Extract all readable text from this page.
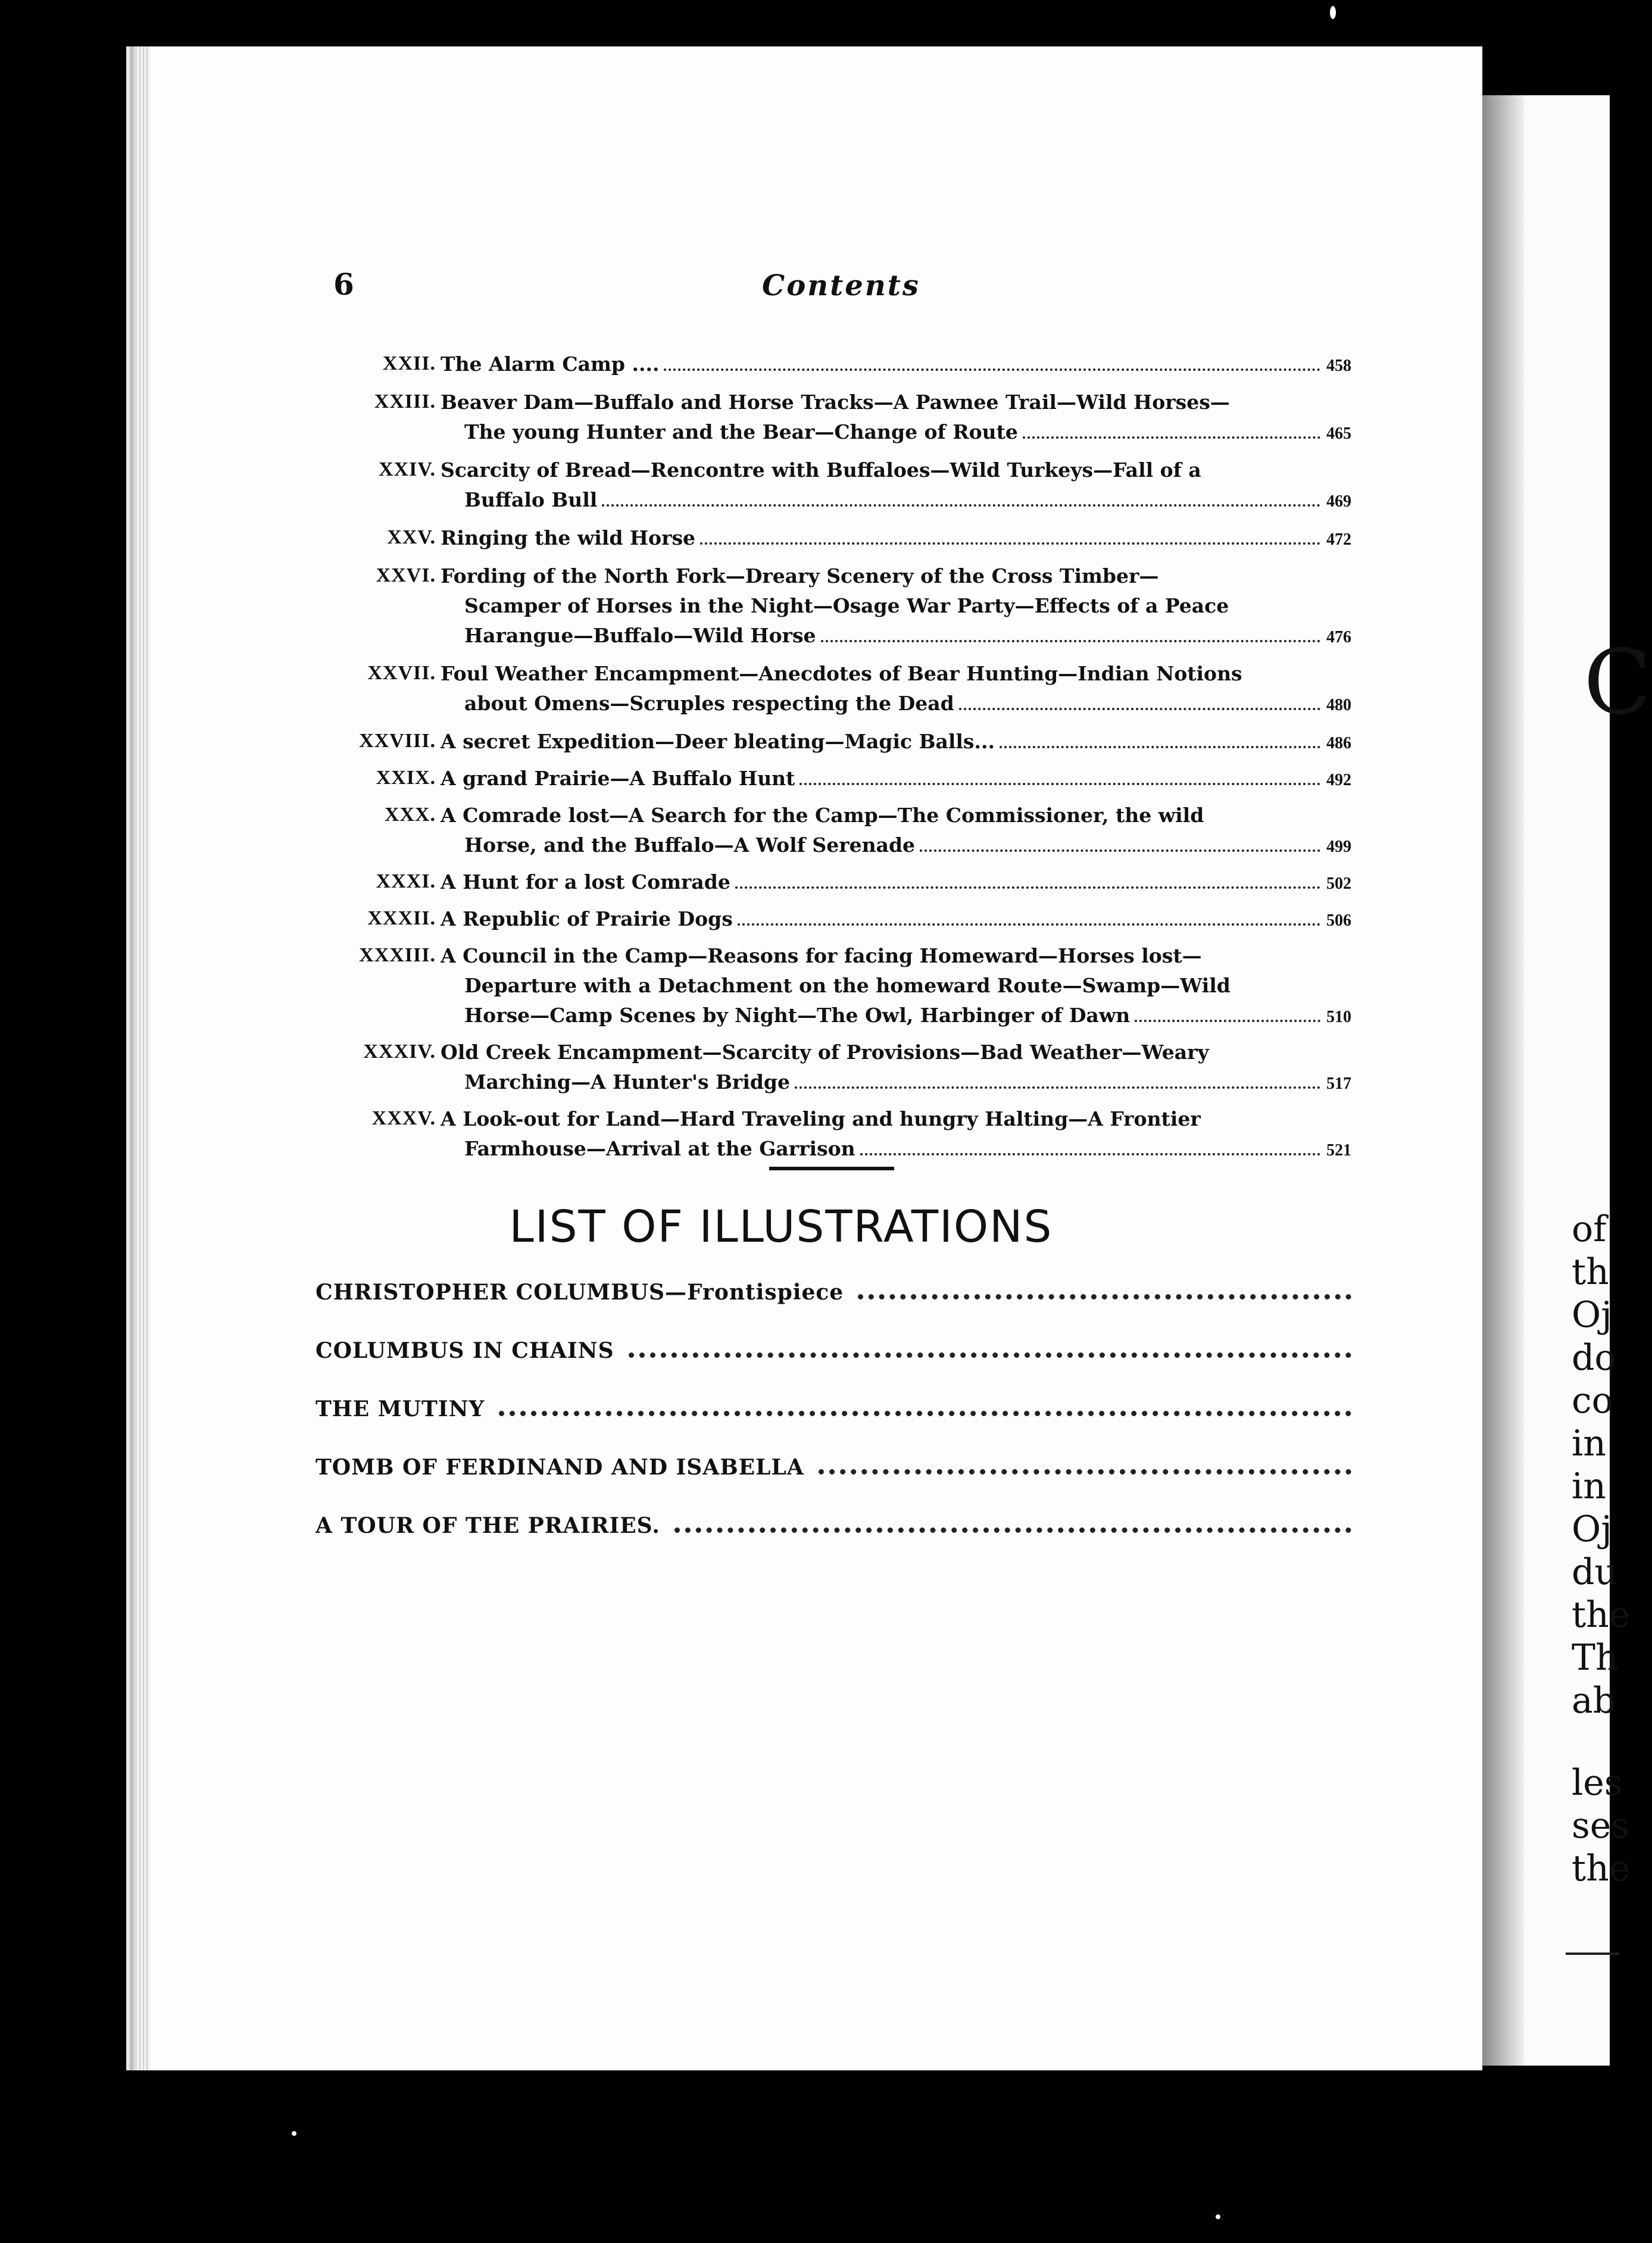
C
of
th
Oj
do
co
in
in
Oj
du
the
Th
ab
les
ses
the
6	Contents
XXII. The Alarm Camp ....	458
XXIII. Beaver Dam—Buffalo and Horse Tracks—A Pawnee Trail—Wild Horses—
The young Hunter and the Bear—Change of Route	465
XXIV. Scarcity of Bread—Rencontre with Buffaloes—Wild Turkeys—Fall of a
Buffalo Bull	469
XXV. Ringing the wild Horse	472
XXVI. Fording of the North Fork—Dreary Scenery of the Cross Timber—
Scamper of Horses in the Night—Osage War Party—Effects of a Peace
Harangue—Buffalo—Wild Horse	476
XXVII. Foul Weather Encampment—Anecdotes of Bear Hunting—Indian Notions
about Omens—Scruples respecting the Dead	480
XXVIII. A secret Expedition—Deer bleating—Magic Balls...	486
XXIX. A grand Prairie—A Buffalo Hunt	492
XXX. A Comrade lost—A Search for the Camp—The Commissioner, the wild
Horse, and the Buffalo—A Wolf Serenade	499
XXXI. A Hunt for a lost Comrade	502
XXXII. A Republic of Prairie Dogs	506
XXXIII. A Council in the Camp—Reasons for facing Homeward—Horses lost—
Departure with a Detachment on the homeward Route—Swamp—Wild
Horse—Camp Scenes by Night—The Owl, Harbinger of Dawn	510
XXXIV. Old Creek Encampment—Scarcity of Provisions—Bad Weather—Weary
Marching—A Hunter's Bridge	517
XXXV. A Look-out for Land—Hard Traveling and hungry Halting—A Frontier
Farmhouse—Arrival at the Garrison	521
LIST OF ILLUSTRATIONS
CHRISTOPHER COLUMBUS—Frontispiece
COLUMBUS IN CHAINS
THE MUTINY
TOMB OF FERDINAND AND ISABELLA
A TOUR OF THE PRAIRIES.
